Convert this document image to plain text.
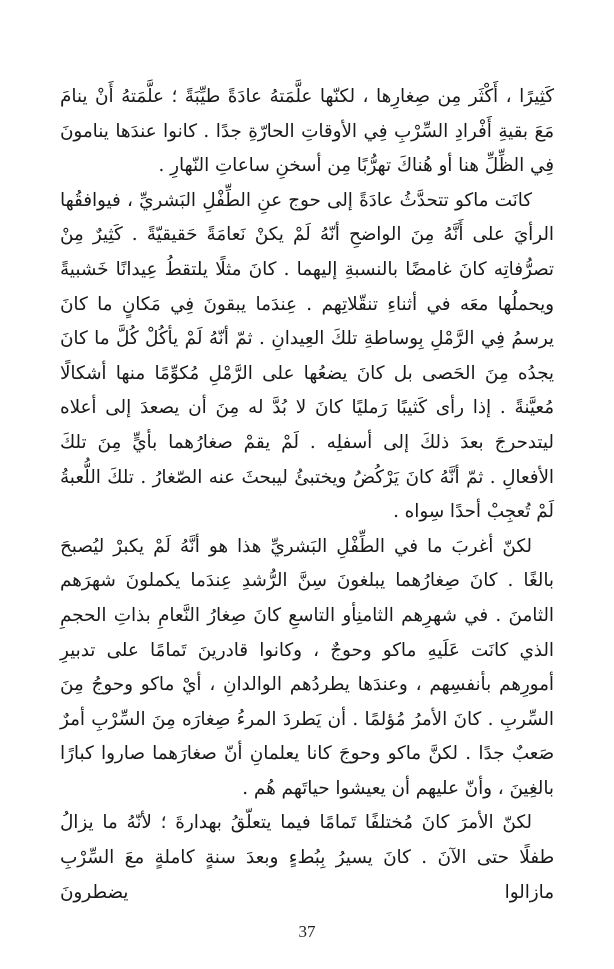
كَثِيرًا ، أَكْثَر مِن صِغارِها ، لكنّها علَّمَتهُ عادَةً طيِّبَةً ؛ علَّمَتهُ أَنْ ينامَ مَعَ بقيةِ أَفْرادِ السِّرْبِ فِي الأوقاتِ الحارّةِ جدًا . كانوا عندَها ينامونَ فِي الظِّلِّ هنا أو هُناكَ تهرُّبًا مِن أسخنِ ساعاتِ النّهارِ .

كانَت ماكو تتحدَّثُ عادَةً إلى حوج عنِ الطِّفْلِ البَشريِّ ، فيوافقُها الرأيَ على أَنَّهُ مِنَ الواضحِ أنّهُ لَمْ يكنْ نَعامَةً حَقيقيّةً . كَثِيرٌ مِنْ تصرُّفاتِه كانَ غامضًا بالنسبةِ إليهما . كانَ مثلًا يلتقطُ عِيدانًا خَشبيةً ويحملُها معَه في أثناءِ تنقّلاتِهم . عِندَما يبقونَ فِي مَكانٍ ما كانَ يرسمُ فِي الرَّمْلِ بِوساطةِ تلكَ العِيدانِ . ثمّ أنّهُ لَمْ يأكُلْ كُلَّ ما كانَ يجدُه مِنَ الحَصى بل كانَ يضعُها على الرَّمْلِ مُكوِّمًا منها أشكالًا مُعيَّنةً . إذا رأى كَثيبًا رَمليًا كانَ لا بُدَّ له مِنَ أن يصعدَ إلى أعلاه ليتدحرجَ بعدَ ذلكَ إلى أسفلِه . لَمْ يقمْ صغارُهما بأيٍّ مِنَ تلكَ الأفعالِ . ثمّ أنَّهُ كانَ يَرْكُضُ ويختبئُ ليبحثَ عنه الصّغارُ . تلكَ اللُّعبةُ لَمْ تُعجِبْ أحدًا سِواه .

لكنّ أغربَ ما في الطِّفْلِ البَشريِّ هذا هو أنَّهُ لَمْ يكبرْ ليُصبحَ بالغًا . كانَ صِغارُهما يبلغونَ سِنَّ الرُّشدِ عِندَما يكملونَ شهرَهم الثامنَ . في شهرِهم الثامنِأو التاسعِ كانَ صِغارُ النَّعامِ بذاتِ الحجمِ الذي كانَت عَلَيهِ ماكو وحوجٌ ، وكانوا قادرينَ تَمامًا على تدبيرِ أمورِهم بأنفسِهم ، وعندَها يطردُهم الوالدانِ ، أيْ ماكو وحوجُ مِنَ السِّربِ . كانَ الأمرُ مُؤلمًا . أن يَطردَ المرءُ صِغارَه مِنَ السِّرْبِ أمرٌ صَعبٌ جدًا . لكنَّ ماكو وحوجَ كانا يعلمانِ أنّ صغارَهما صاروا كبارًا بالغِينَ ، وأنّ عليهم أن يعيشوا حياتَهم هُم .

لكنّ الأمرَ كانَ مُختلفًا تَمامًا فيما يتعلّقُ بهدارةَ ؛ لأنّهُ ما يزالُ طفلًا حتى الآنَ . كانَ يسيرُ بِبُطءٍ وبعدَ سنةٍ كاملةٍ معَ السِّرْبِ مازالوا يضطرونَ

37
